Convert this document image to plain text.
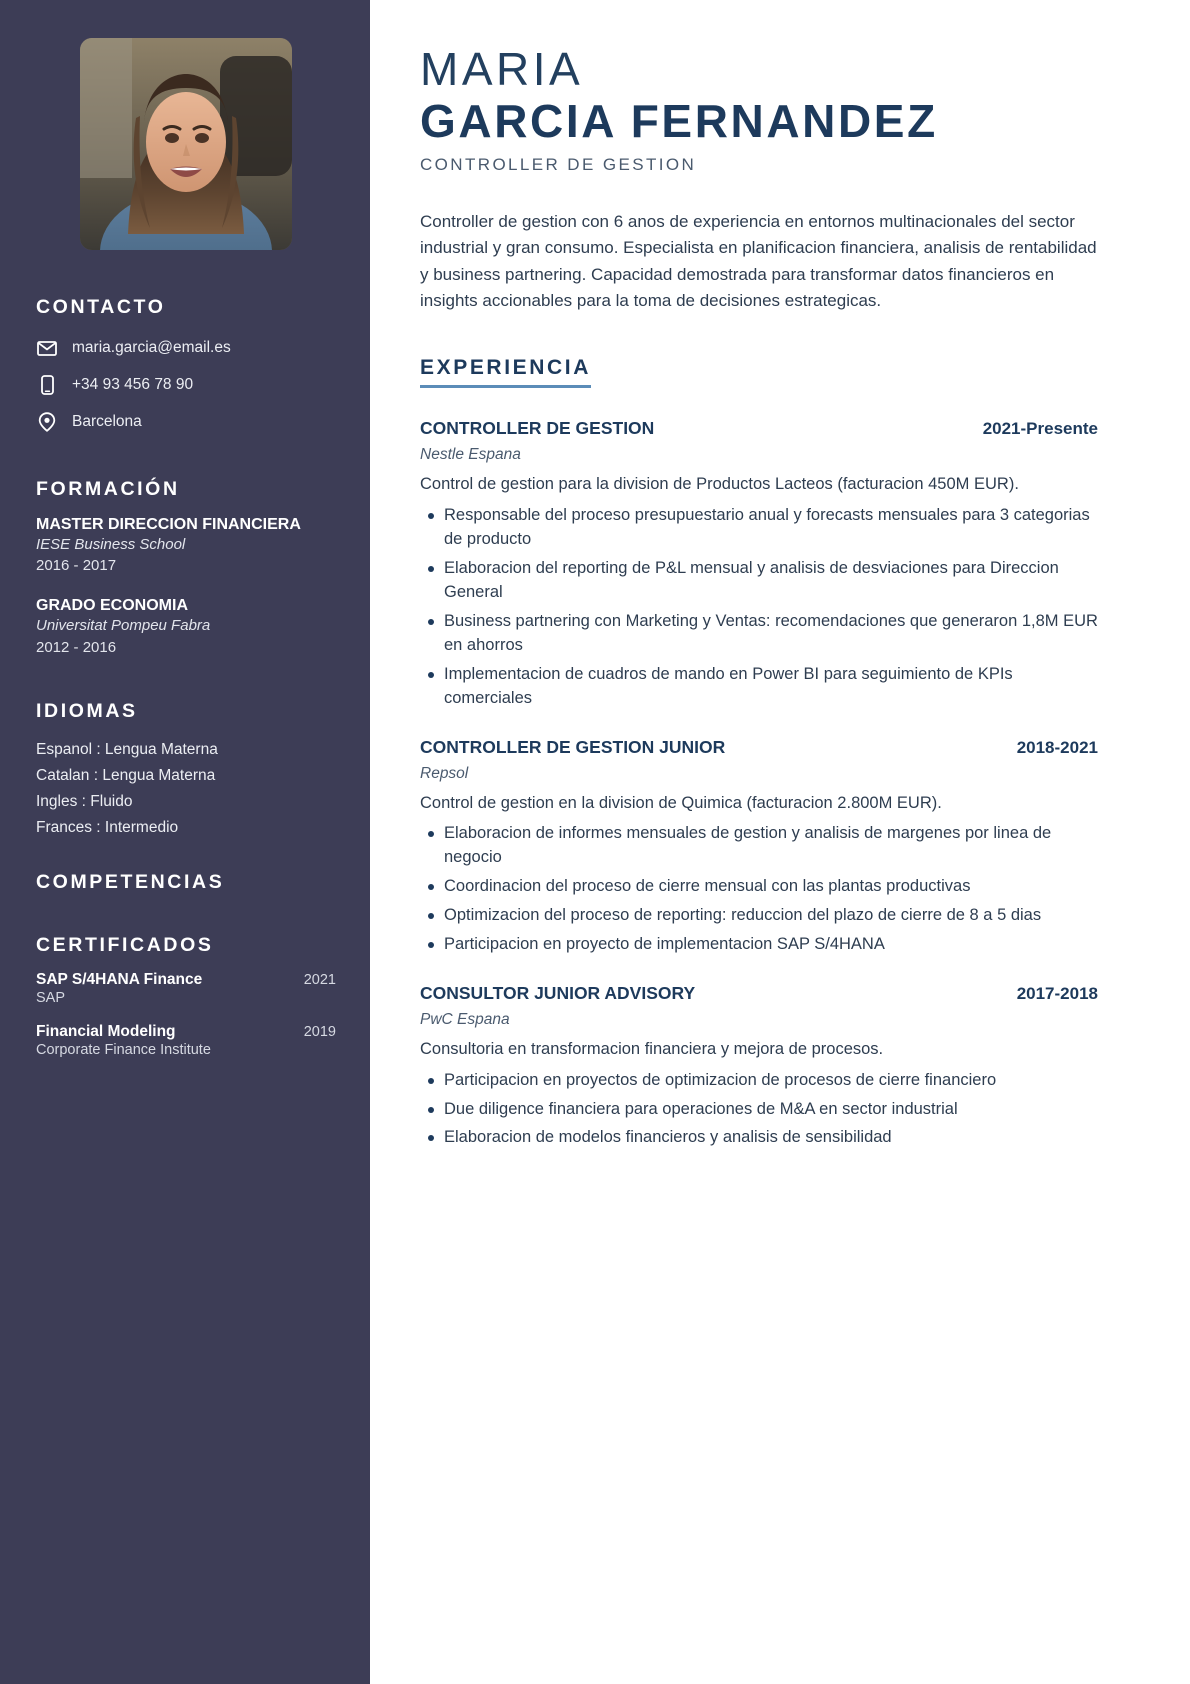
CONTACTO
maria.garcia@email.es
+34 93 456 78 90
Barcelona
FORMACIÓN
MASTER DIRECCION FINANCIERA
IESE Business School
2016 - 2017
GRADO ECONOMIA
Universitat Pompeu Fabra
2012 - 2016
IDIOMAS
Espanol : Lengua Materna
Catalan : Lengua Materna
Ingles : Fluido
Frances : Intermedio
COMPETENCIAS
CERTIFICADOS
SAP S/4HANA Finance	2021
SAP
Financial Modeling	2019
Corporate Finance Institute
MARIA
GARCIA FERNANDEZ
CONTROLLER DE GESTION

Controller de gestion con 6 anos de experiencia en entornos multinacionales del sector industrial y gran consumo. Especialista en planificacion financiera, analisis de rentabilidad y business partnering. Capacidad demostrada para transformar datos financieros en insights accionables para la toma de decisiones estrategicas.

EXPERIENCIA
CONTROLLER DE GESTION	2021-Presente
Nestle Espana
Control de gestion para la division de Productos Lacteos (facturacion 450M EUR).
Responsable del proceso presupuestario anual y forecasts mensuales para 3 categorias de producto
Elaboracion del reporting de P&L mensual y analisis de desviaciones para Direccion General
Business partnering con Marketing y Ventas: recomendaciones que generaron 1,8M EUR en ahorros
Implementacion de cuadros de mando en Power BI para seguimiento de KPIs comerciales
CONTROLLER DE GESTION JUNIOR	2018-2021
Repsol
Control de gestion en la division de Quimica (facturacion 2.800M EUR).
Elaboracion de informes mensuales de gestion y analisis de margenes por linea de negocio
Coordinacion del proceso de cierre mensual con las plantas productivas
Optimizacion del proceso de reporting: reduccion del plazo de cierre de 8 a 5 dias
Participacion en proyecto de implementacion SAP S/4HANA
CONSULTOR JUNIOR ADVISORY	2017-2018
PwC Espana
Consultoria en transformacion financiera y mejora de procesos.
Participacion en proyectos de optimizacion de procesos de cierre financiero
Due diligence financiera para operaciones de M&A en sector industrial
Elaboracion de modelos financieros y analisis de sensibilidad
